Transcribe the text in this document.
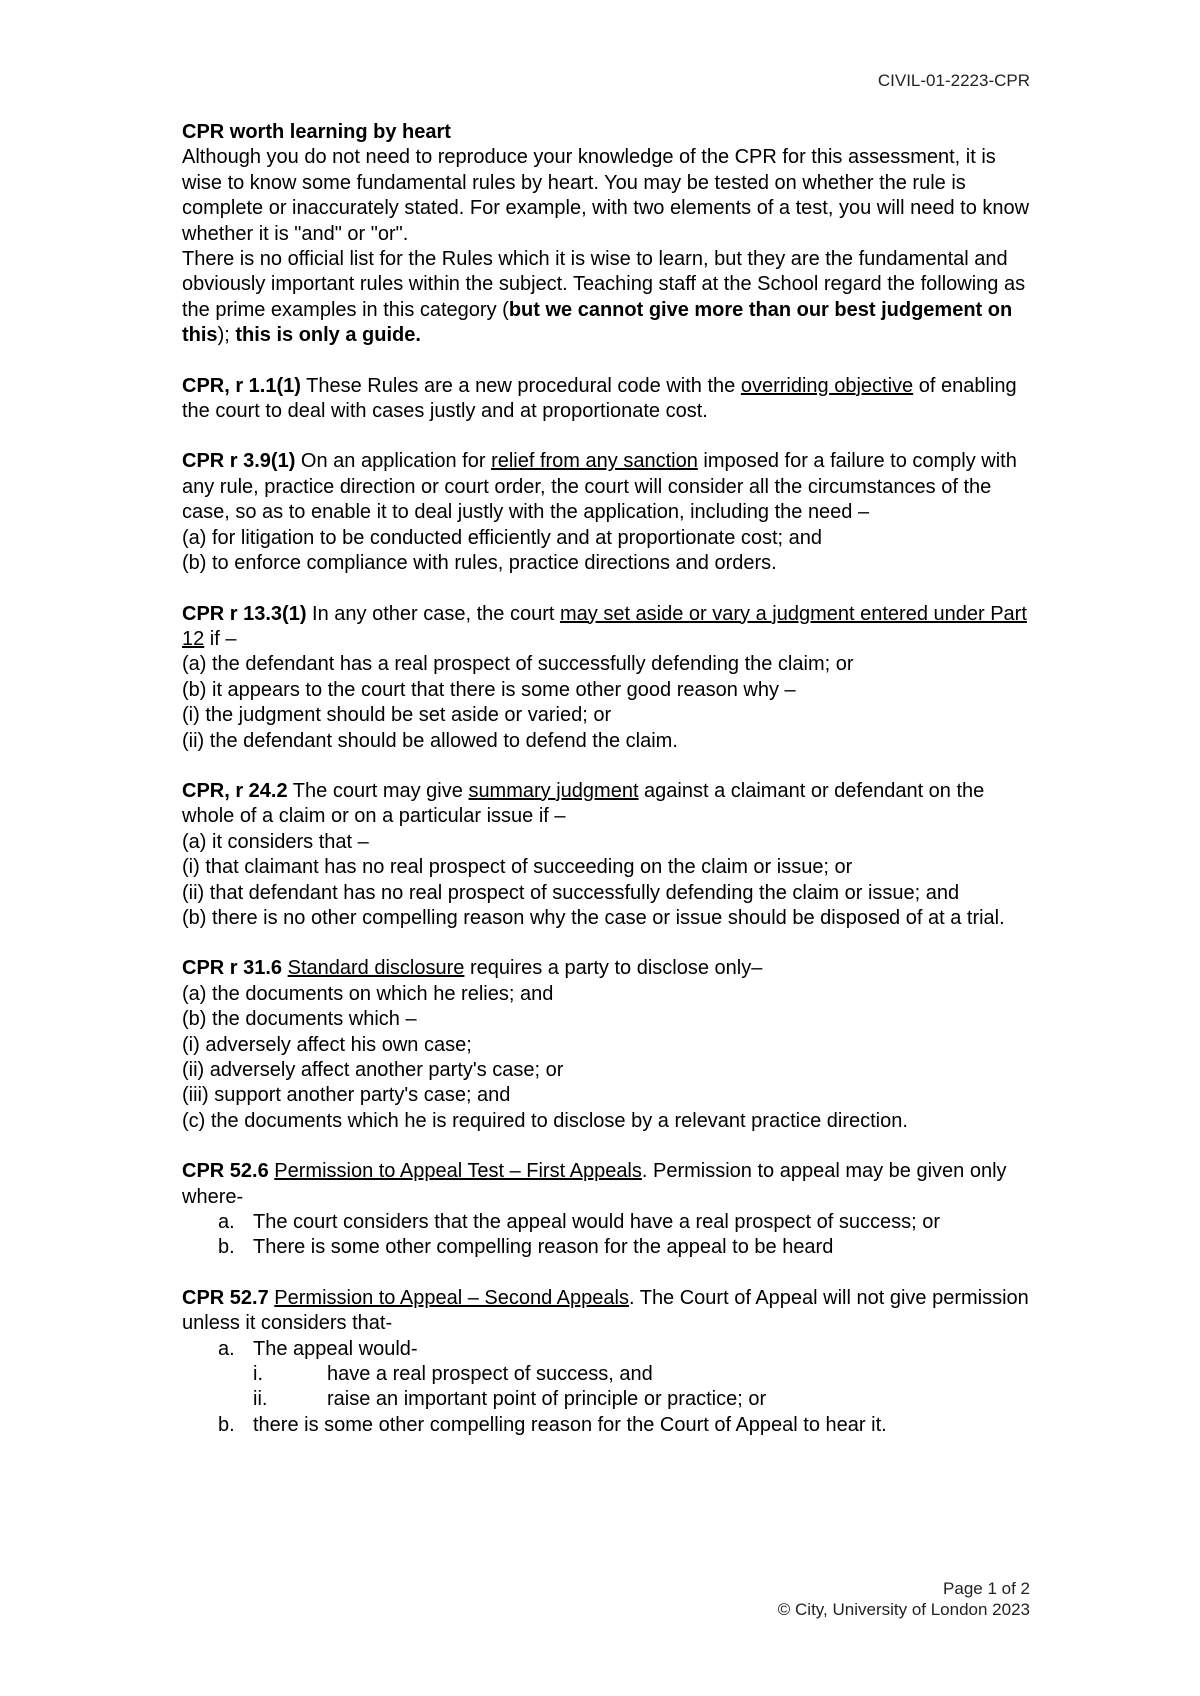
CIVIL-01-2223-CPR

CPR worth learning by heart

Although you do not need to reproduce your knowledge of the CPR for this assessment, it is wise to know some fundamental rules by heart. You may be tested on whether the rule is complete or inaccurately stated. For example, with two elements of a test, you will need to know whether it is "and" or "or".

There is no official list for the Rules which it is wise to learn, but they are the fundamental and obviously important rules within the subject. Teaching staff at the School regard the following as the prime examples in this category (but we cannot give more than our best judgement on this); this is only a guide.

CPR, r 1.1(1) These Rules are a new procedural code with the overriding objective of enabling the court to deal with cases justly and at proportionate cost.

CPR r 3.9(1) On an application for relief from any sanction imposed for a failure to comply with any rule, practice direction or court order, the court will consider all the circumstances of the case, so as to enable it to deal justly with the application, including the need –

(a) for litigation to be conducted efficiently and at proportionate cost; and

(b) to enforce compliance with rules, practice directions and orders.

CPR r 13.3(1) In any other case, the court may set aside or vary a judgment entered under Part 12 if –

(a) the defendant has a real prospect of successfully defending the claim; or

(b) it appears to the court that there is some other good reason why –

(i) the judgment should be set aside or varied; or

(ii) the defendant should be allowed to defend the claim.

CPR, r 24.2 The court may give summary judgment against a claimant or defendant on the whole of a claim or on a particular issue if –

(a) it considers that –

(i) that claimant has no real prospect of succeeding on the claim or issue; or

(ii) that defendant has no real prospect of successfully defending the claim or issue; and

(b) there is no other compelling reason why the case or issue should be disposed of at a trial.

CPR r 31.6 Standard disclosure requires a party to disclose only–

(a) the documents on which he relies; and

(b) the documents which –

(i) adversely affect his own case;

(ii) adversely affect another party's case; or

(iii) support another party's case; and

(c) the documents which he is required to disclose by a relevant practice direction.

CPR 52.6 Permission to Appeal Test – First Appeals. Permission to appeal may be given only where-

a. The court considers that the appeal would have a real prospect of success; or
b. There is some other compelling reason for the appeal to be heard

CPR 52.7 Permission to Appeal – Second Appeals. The Court of Appeal will not give permission unless it considers that-

a. The appeal would-
i.	have a real prospect of success, and
ii.	raise an important point of principle or practice; or
b. there is some other compelling reason for the Court of Appeal to hear it.
Page 1 of 2
© City, University of London 2023
